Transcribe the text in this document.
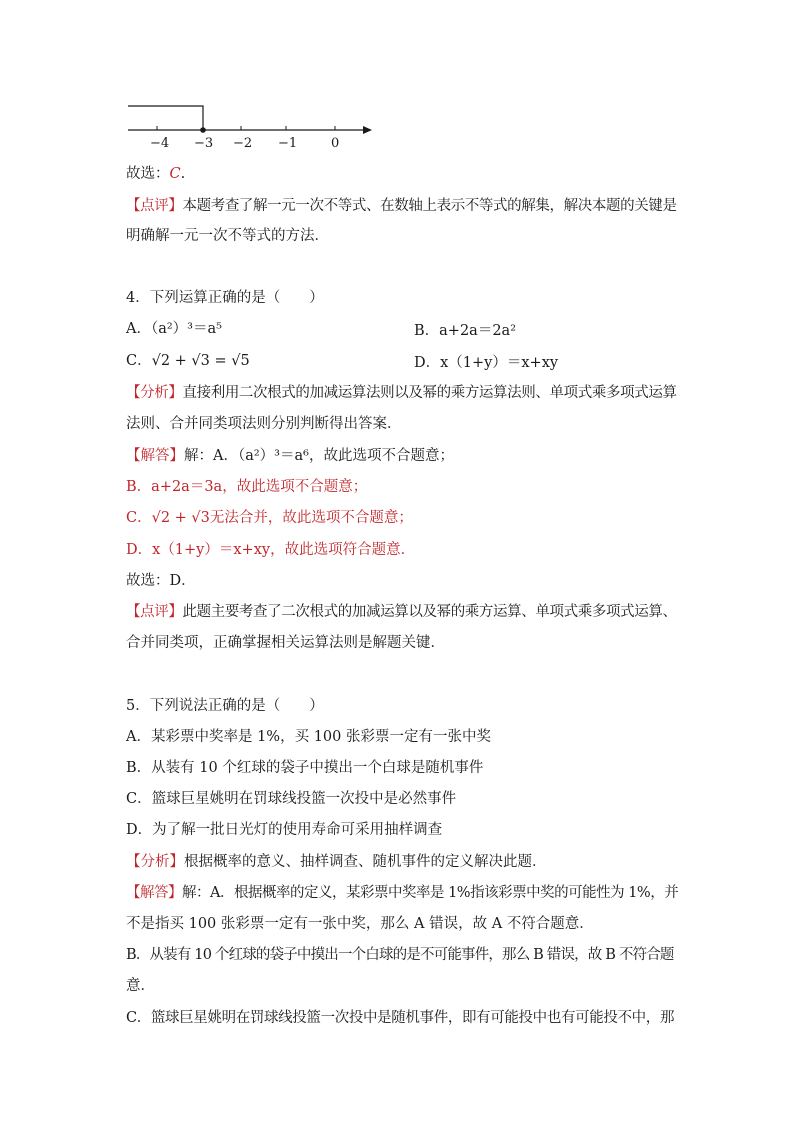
−4 −3 −2 −1	0
故选：C.
【点评】本题考查了解一元一次不等式、在数轴上表示不等式的解集，解决本题的关键是
明确解一元一次不等式的方法．
4．下列运算正确的是（　　）
A．（a²）³＝a⁵	B．a+2a＝2a²
C．√2 + √3 = √5	D．x（1+y）＝x+xy
【分析】直接利用二次根式的加减运算法则以及幂的乘方运算法则、单项式乘多项式运算
法则、合并同类项法则分别判断得出答案．
【解答】解：A．（a²）³＝a⁶，故此选项不合题意；
B．a+2a＝3a，故此选项不合题意；
C．√2 + √3无法合并，故此选项不合题意；
D．x（1+y）＝x+xy，故此选项符合题意．
故选：D．
【点评】此题主要考查了二次根式的加减运算以及幂的乘方运算、单项式乘多项式运算、
合并同类项，正确掌握相关运算法则是解题关键．
5．下列说法正确的是（　　）
A．某彩票中奖率是 1%，买 100 张彩票一定有一张中奖
B．从装有 10 个红球的袋子中摸出一个白球是随机事件
C．篮球巨星姚明在罚球线投篮一次投中是必然事件
D．为了解一批日光灯的使用寿命可采用抽样调查
【分析】根据概率的意义、抽样调查、随机事件的定义解决此题．
【解答】解：A．根据概率的定义，某彩票中奖率是 1%指该彩票中奖的可能性为 1%，并
不是指买 100 张彩票一定有一张中奖，那么 A 错误，故 A 不符合题意．
B．从装有 10 个红球的袋子中摸出一个白球的是不可能事件，那么 B 错误，故 B 不符合题
意．
C．篮球巨星姚明在罚球线投篮一次投中是随机事件，即有可能投中也有可能投不中，那
